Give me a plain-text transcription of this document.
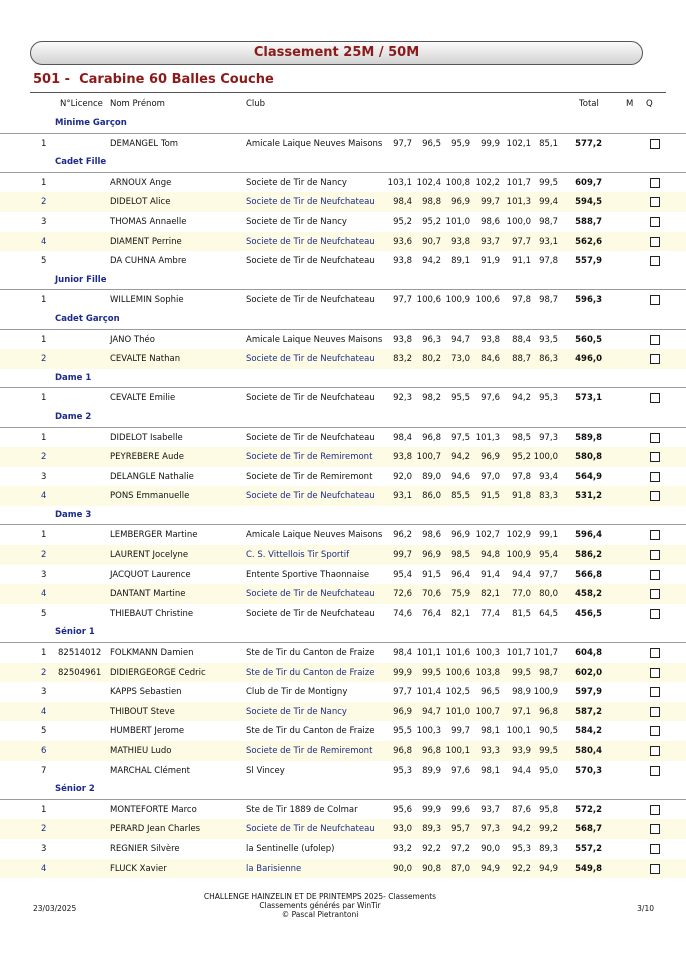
Classement 25M / 50M
501 -  Carabine 60 Balles Couche
N°Licence Nom Prénom	Club	Total	M Q
Minime Garçon
1	DEMANGEL Tom	Amicale Laique Neuves Maisons	97,7	96,5	95,9	99,9 102,1 85,1	577,2
Cadet Fille
1	ARNOUX Ange	Societe de Tir de Nancy	103,1 102,4 100,8 102,2 101,7 99,5	609,7
2	DIDELOT Alice	Societe de Tir de Neufchateau	98,4	98,8	96,9	99,7 101,3 99,4	594,5
3	THOMAS Annaelle	Societe de Tir de Nancy	95,2	95,2 101,0	98,6 100,0 98,7	588,7
4	DIAMENT Perrine	Societe de Tir de Neufchateau	93,6	90,7	93,8	93,7	97,7 93,1	562,6
5	DA CUHNA Ambre	Societe de Tir de Neufchateau	93,8	94,2	89,1	91,9	91,1 97,8	557,9
Junior Fille
1	WILLEMIN Sophie	Societe de Tir de Neufchateau	97,7 100,6 100,9 100,6	97,8 98,7	596,3
Cadet Garçon
1	JANO Théo	Amicale Laique Neuves Maisons	93,8	96,3	94,7	93,8	88,4 93,5	560,5
2	CEVALTE Nathan	Societe de Tir de Neufchateau	83,2	80,2	73,0	84,6	88,7 86,3	496,0
Dame 1
1	CEVALTE Emilie	Societe de Tir de Neufchateau	92,3	98,2	95,5	97,6	94,2 95,3	573,1
Dame 2
1	DIDELOT Isabelle	Societe de Tir de Neufchateau	98,4	96,8	97,5 101,3	98,5 97,3	589,8
2	PEYREBERE Aude	Societe de Tir de Remiremont	93,8 100,7	94,2	96,9	95,2 100,0	580,8
3	DELANGLE Nathalie	Societe de Tir de Remiremont	92,0	89,0	94,6	97,0	97,8 93,4	564,9
4	PONS Emmanuelle	Societe de Tir de Neufchateau	93,1	86,0	85,5	91,5	91,8 83,3	531,2
Dame 3
1	LEMBERGER Martine	Amicale Laique Neuves Maisons	96,2	98,6	96,9 102,7 102,9 99,1	596,4
2	LAURENT Jocelyne	C. S. Vittellois Tir Sportif	99,7	96,9	98,5	94,8 100,9 95,4	586,2
3	JACQUOT Laurence	Entente Sportive Thaonnaise	95,4	91,5	96,4	91,4	94,4 97,7	566,8
4	DANTANT Martine	Societe de Tir de Neufchateau	72,6	70,6	75,9	82,1	77,0 80,0	458,2
5	THIEBAUT Christine	Societe de Tir de Neufchateau	74,6	76,4	82,1	77,4	81,5 64,5	456,5
Sénior 1
1 82514012 FOLKMANN Damien	Ste de Tir du Canton de Fraize	98,4 101,1 101,6 100,3 101,7 101,7	604,8
2 82504961 DIDIERGEORGE Cedric	Ste de Tir du Canton de Fraize	99,9	99,5 100,6 103,8	99,5 98,7	602,0
3	KAPPS Sebastien	Club de Tir de Montigny	97,7 101,4 102,5	96,5	98,9 100,9	597,9
4	THIBOUT Steve	Societe de Tir de Nancy	96,9	94,7 101,0 100,7	97,1 96,8	587,2
5	HUMBERT Jerome	Ste de Tir du Canton de Fraize	95,5 100,3	99,7	98,1 100,1 90,5	584,2
6	MATHIEU Ludo	Societe de Tir de Remiremont	96,8	96,8 100,1	93,3	93,9 99,5	580,4
7	MARCHAL Clément	Sl Vincey	95,3	89,9	97,6	98,1	94,4 95,0	570,3
Sénior 2
1	MONTEFORTE Marco	Ste de Tir 1889 de Colmar	95,6	99,9	99,6	93,7	87,6 95,8	572,2
2	PERARD Jean Charles	Societe de Tir de Neufchateau	93,0	89,3	95,7	97,3	94,2 99,2	568,7
3	REGNIER Silvère	la Sentinelle (ufolep)	93,2	92,2	97,2	90,0	95,3 89,3	557,2
4	FLUCK Xavier	la Barisienne	90,0	90,8	87,0	94,9	92,2 94,9	549,8
23/03/2025
CHALLENGE HAINZELIN ET DE PRINTEMPS 2025- Classements
Classements générés par WinTir
© Pascal Pietrantoni
3/10
